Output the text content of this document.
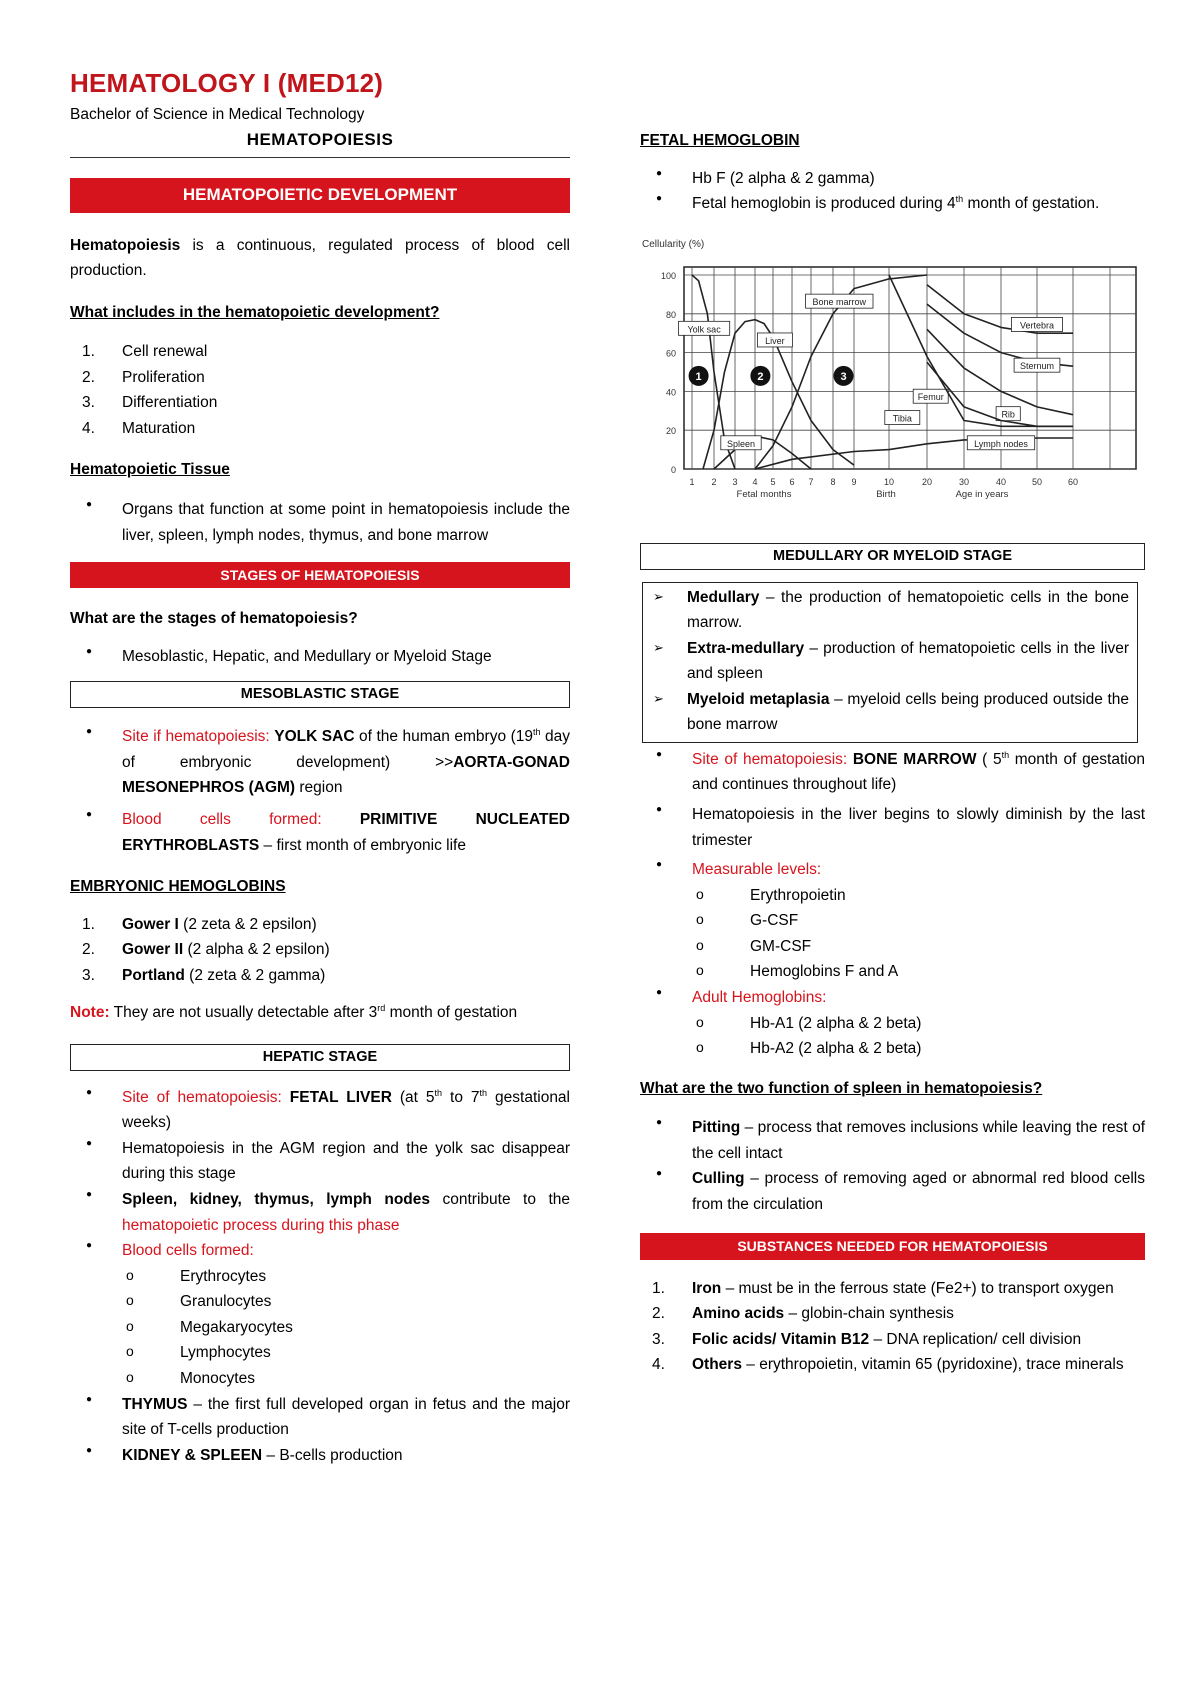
HEMATOLOGY I (MED12)
Bachelor of Science in Medical Technology
HEMATOPOIESIS
HEMATOPOIETIC DEVELOPMENT

Hematopoiesis is a continuous, regulated process of blood cell production.

What includes in the hematopoietic development?

1. Cell renewal
2. Proliferation
3. Differentiation
4. Maturation

Hematopoietic Tissue

● Organs that function at some point in hematopoiesis include the liver, spleen, lymph nodes, thymus, and bone marrow
STAGES OF HEMATOPOIESIS

What are the stages of hematopoiesis?

● Mesoblastic, Hepatic, and Medullary or Myeloid Stage
MESOBLASTIC STAGE
● Site if hematopoiesis: YOLK SAC of the human embryo (19th day of embryonic development) >>AORTA-GONAD MESONEPHROS (AGM) region
● Blood cells formed: PRIMITIVE NUCLEATED ERYTHROBLASTS – first month of embryonic life

EMBRYONIC HEMOGLOBINS

1. Gower I (2 zeta & 2 epsilon)
2. Gower II (2 alpha & 2 epsilon)
3. Portland (2 zeta & 2 gamma)

Note: They are not usually detectable after 3rd month of gestation

HEPATIC STAGE
● Site of hematopoiesis: FETAL LIVER (at 5th to 7th gestational weeks)
● Hematopoiesis in the AGM region and the yolk sac disappear during this stage
● Spleen, kidney, thymus, lymph nodes contribute to the hematopoietic process during this phase
● Blood cells formed:
o	Erythrocytes
o	Granulocytes
o	Megakaryocytes
o	Lymphocytes
o	Monocytes
● THYMUS – the first full developed organ in fetus and the major site of T-cells production
● KIDNEY & SPLEEN – B-cells production

FETAL HEMOGLOBIN

● Hb F (2 alpha & 2 gamma)
● Fetal hemoglobin is produced during 4th month of gestation.
0
20
40
60
80
100
Cellularity (%)
1 2 3 4 5 6 7 8 9	10	20	30	40	50	60
Fetal months	Birth	Age in years
Yolk sac
Liver
Spleen
Bone marrow
Vertebra
Sternum
Rib
Femur
Tibia
Lymph nodes
1	2	3
MEDULLARY OR MYELOID STAGE
➢ Medullary – the production of hematopoietic cells in the bone marrow.
➢ Extra-medullary – production of hematopoietic cells in the liver and spleen
➢ Myeloid metaplasia – myeloid cells being produced outside the bone marrow
● Site of hematopoiesis: BONE MARROW ( 5th month of gestation and continues throughout life)
● Hematopoiesis in the liver begins to slowly diminish by the last trimester
● Measurable levels:
o	Erythropoietin
o	G-CSF
o	GM-CSF
o	Hemoglobins F and A
● Adult Hemoglobins:
o	Hb-A1 (2 alpha & 2 beta)
o	Hb-A2 (2 alpha & 2 beta)

What are the two function of spleen in hematopoiesis?

● Pitting – process that removes inclusions while leaving the rest of the cell intact
● Culling – process of removing aged or abnormal red blood cells from the circulation
SUBSTANCES NEEDED FOR HEMATOPOIESIS
1. Iron – must be in the ferrous state (Fe2+) to transport oxygen
2. Amino acids – globin-chain synthesis
3. Folic acids/ Vitamin B12 – DNA replication/ cell division
4. Others – erythropoietin, vitamin 65 (pyridoxine), trace minerals
